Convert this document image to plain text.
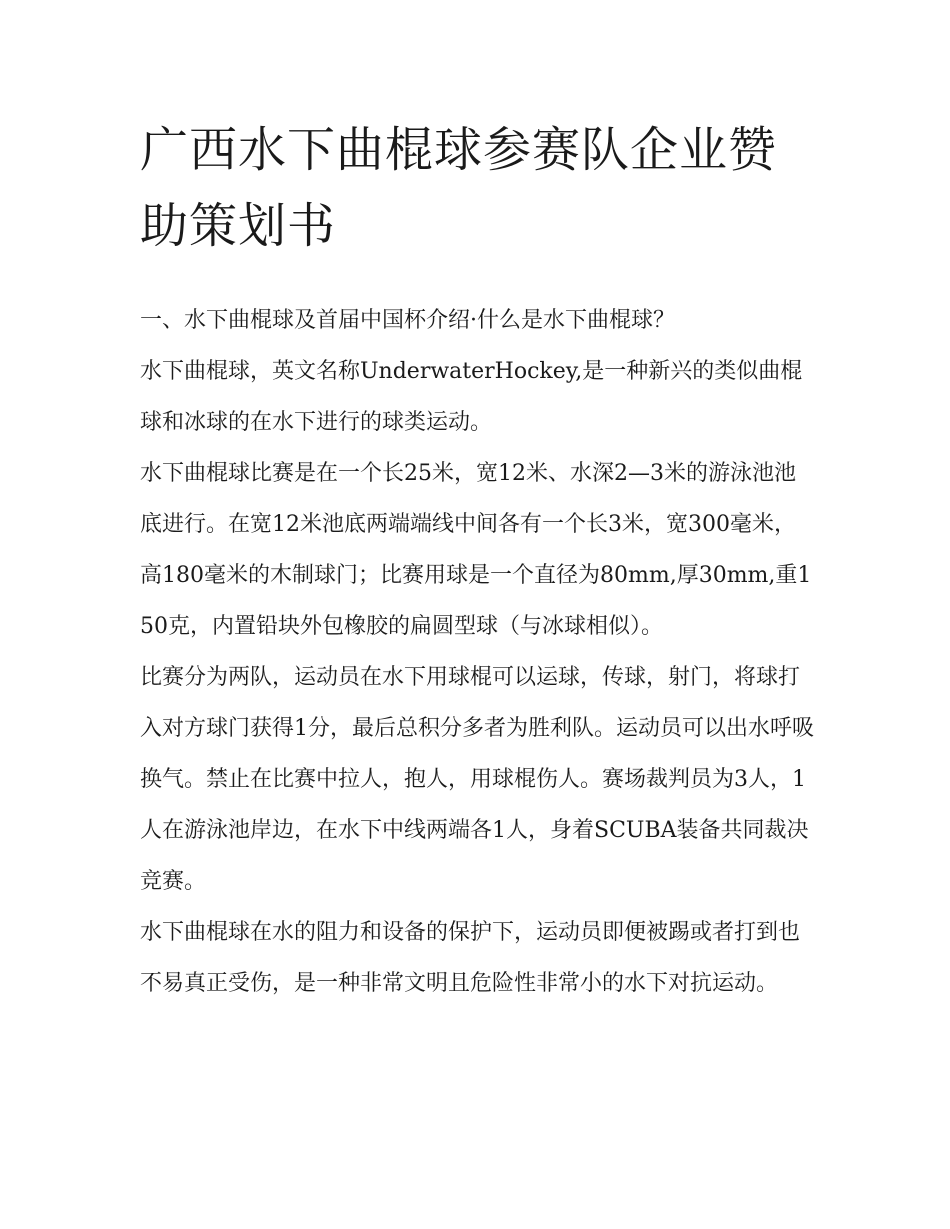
广西水下曲棍球参赛队企业赞助策划书

一、水下曲棍球及首届中国杯介绍·什么是水下曲棍球？

水下曲棍球，英文名称UnderwaterHockey,是一种新兴的类似曲棍球和冰球的在水下进行的球类运动。

水下曲棍球比赛是在一个长25米，宽12米、水深2—3米的游泳池池底进行。在宽12米池底两端端线中间各有一个长3米，宽300毫米，高180毫米的木制球门；比赛用球是一个直径为80mm,厚30mm,重150克，内置铅块外包橡胶的扁圆型球（与冰球相似）。

比赛分为两队，运动员在水下用球棍可以运球，传球，射门，将球打入对方球门获得1分，最后总积分多者为胜利队。运动员可以出水呼吸换气。禁止在比赛中拉人，抱人，用球棍伤人。赛场裁判员为3人，1人在游泳池岸边，在水下中线两端各1人，身着SCUBA装备共同裁决竞赛。

水下曲棍球在水的阻力和设备的保护下，运动员即便被踢或者打到也不易真正受伤，是一种非常文明且危险性非常小的水下对抗运动。
